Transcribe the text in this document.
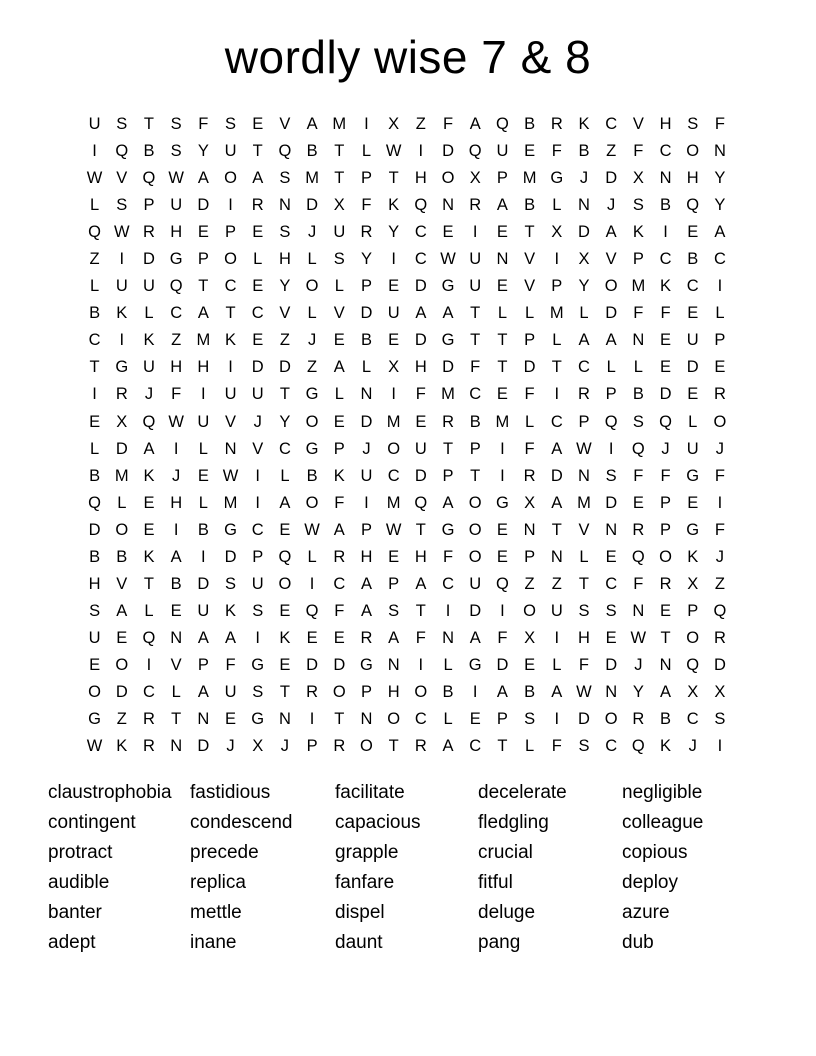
wordly wise 7 & 8
U S	T	S	F	S E V A M	I	X	Z	F	A Q B R K C V H S	F
I	Q B S Y U T Q B	T	L W	I	D Q U E	F	B	Z	F C O N
W V Q W A O A S M T	P	T H O X P M G	J	D X N H Y
L	S P U D	I	R N D X	F	K Q N R A B	L	N	J	S B Q Y
Q W R H E P E S	J	U R Y C E	I	E	T	X D A K	I	E A
Z	I	D G P O L	H	L	S Y	I	C W U N V	I	X V P C B C
L	U U Q T C E Y O L	P E D G U E V P Y O M K C	I
B K	L	C A	T C V	L	V D U A A	T	L	L M L	D F	F	E	L
C	I	K	Z M K E	Z	J	E B E D G T	T	P	L	A A N E U P
T G U H H	I	D D Z	A	L	X H D F	T D T C	L	L	E D E
I	R	J	F	I	U U T G L	N	I	F M C E	F	I	R P B D E R
E X Q W U V	J	Y O E D M E R B M L	C P Q S Q L O
L	D A	I	L	N V C G P	J	O U T	P	I	F	A W	I	Q	J	U	J
B M K	J	E W	I	L	B K U C D P	T	I	R D N S	F	F G F
Q L	E H	L M	I	A O F	I	M Q A O G X A M D E P E	I
D O E	I	B G C E W A P W T G O E N T	V N R P G F
B B K A	I	D P Q L	R H E H F O E P N	L	E Q O K	J
H V	T	B D S U O	I	C A P A C U Q Z	Z	T C F R X	Z
S A	L	E U K S E Q F	A S	T	I	D	I	O U S S N E P Q
U E Q N A A	I	K E E R A	F N A	F	X	I	H E W T O R
E O	I	V P	F G E D D G N	I	L G D E	L	F D	J	N Q D
O D C	L	A U S	T R O P H O B	I	A B A W N Y A X X
G Z R T N E G N	I	T N O C	L	E P S	I	D O R B C S
W K R N D	J	X	J	P R O T R A C T	L	F	S C Q K	J	I
claustrophobia
contingent
protract
audible
banter
adept
fastidious
condescend
precede
replica
mettle
inane
facilitate
capacious
grapple
fanfare
dispel
daunt
decelerate
fledgling
crucial
fitful
deluge
pang
negligible
colleague
copious
deploy
azure
dub
